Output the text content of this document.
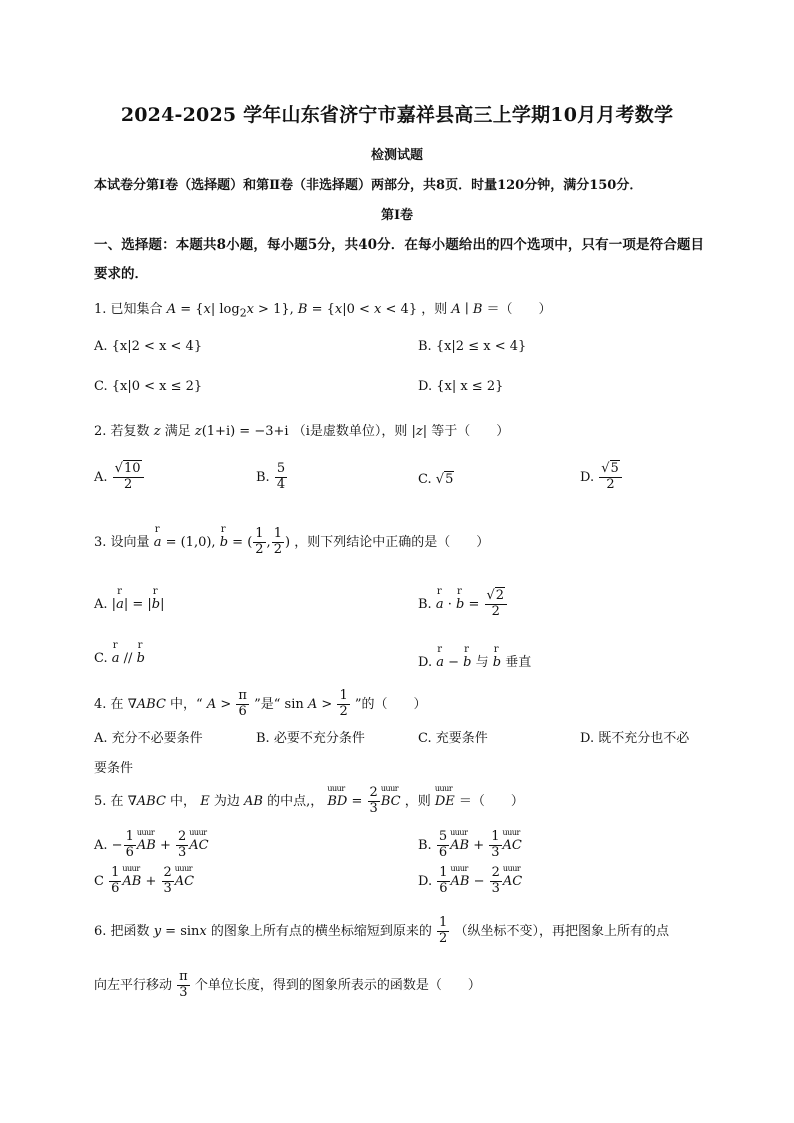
2024-2025 学年山东省济宁市嘉祥县高三上学期10月月考数学
检测试题
本试卷分第Ⅰ卷（选择题）和第Ⅱ卷（非选择题）两部分，共8页．时量120分钟，满分150分．
第Ⅰ卷
一、选择题：本题共8小题，每小题5分，共40分．在每小题给出的四个选项中，只有一项是符合题目要求的．
1. 已知集合 A = {x| $\log_2x > 1$}, B = {x|0 < x < 4} ，则 A ∣ B ＝（　　）
A. {x|2 < x < 4}	B. {x|2 ≤ x < 4}
C. {x|0 < x ≤ 2}	D. {x| x ≤ 2}
2. 若复数 z 满足 z(1+i) = −3+i （i是虚数单位），则 |z| 等于（　　）
A. $\frac{√10}{2}$	B. $\frac{5}{4}$	C. √5	D. $\frac{√5}{2}$
3. 设向量 r a = (1,0), r b = ( $\frac{1}{2}$ , $\frac{1}{2}$ ) ，则下列结论中正确的是（　　）
A. |r a| = |r b|	B. r a · r $b = \frac{√2}{2}$
C. r a // r b	D. r a − r b 与 r b 垂直
4. 在 ∇ABC 中，“ $A > \frac{\pi}{6}$ ”是“ $\sin A > \frac{1}{2}$ ”的（　　）
A. 充分不必要条件	B. 必要不充分条件	C. 充要条件	D. 既不充分也不必
要条件
5. 在 ∇ABC 中， E 为边 AB 的中点,， uuur BD = $\frac{2}{3}$ uuur BC ，则 uuur DE ＝（　　）
A. − $\frac{1}{6}$ uuur AB + $\frac{2}{3}$ uuur AC	B. $\frac{5}{6}$ uuur AB + $\frac{1}{3}$ uuur AC
C $\frac{1}{6}$ uuur AB + $\frac{2}{3}$ uuur AC	D. $\frac{1}{6}$ uuur AB − $\frac{2}{3}$ uuur AC
6. 把函数 y = sinx 的图象上所有点的横坐标缩短到原来的 $\frac{1}{2}$ （纵坐标不变），再把图象上所有的点
向左平行移动 $\frac{\pi}{3}$ 个单位长度，得到的图象所表示的函数是（　　）
